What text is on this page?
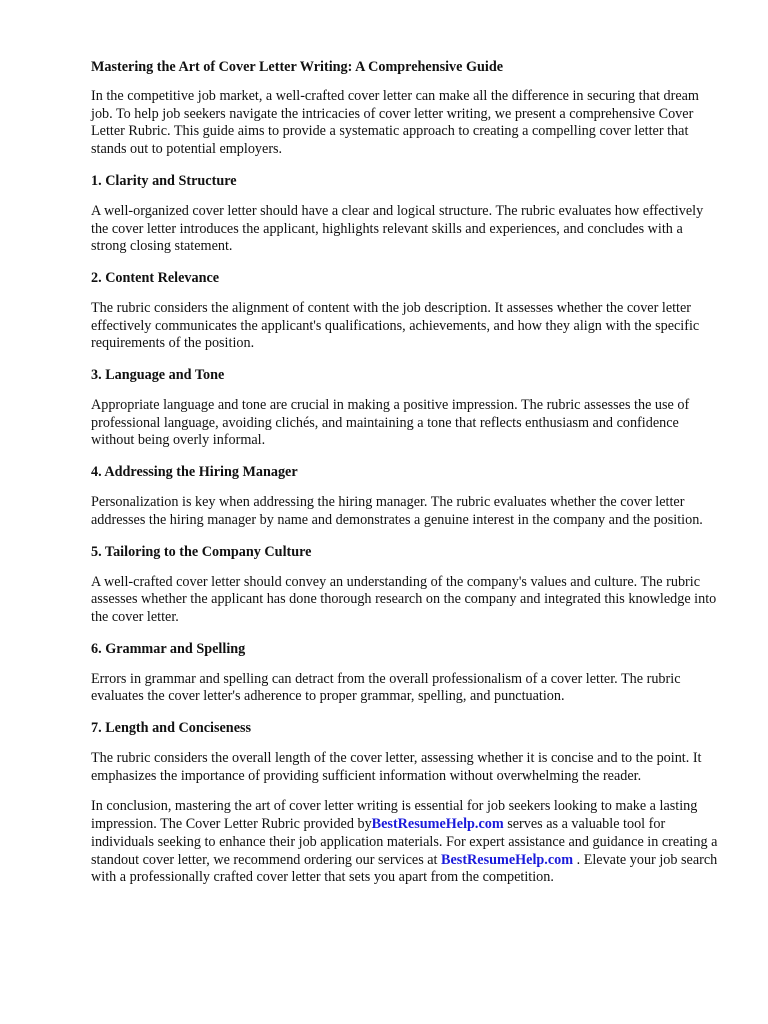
Mastering the Art of Cover Letter Writing: A Comprehensive Guide

In the competitive job market, a well-crafted cover letter can make all the difference in securing that dream job. To help job seekers navigate the intricacies of cover letter writing, we present a comprehensive Cover Letter Rubric. This guide aims to provide a systematic approach to creating a compelling cover letter that stands out to potential employers.

1. Clarity and Structure

A well-organized cover letter should have a clear and logical structure. The rubric evaluates how effectively the cover letter introduces the applicant, highlights relevant skills and experiences, and concludes with a strong closing statement.

2. Content Relevance

The rubric considers the alignment of content with the job description. It assesses whether the cover letter effectively communicates the applicant's qualifications, achievements, and how they align with the specific requirements of the position.

3. Language and Tone

Appropriate language and tone are crucial in making a positive impression. The rubric assesses the use of professional language, avoiding clichés, and maintaining a tone that reflects enthusiasm and confidence without being overly informal.

4. Addressing the Hiring Manager

Personalization is key when addressing the hiring manager. The rubric evaluates whether the cover letter addresses the hiring manager by name and demonstrates a genuine interest in the company and the position.

5. Tailoring to the Company Culture

A well-crafted cover letter should convey an understanding of the company's values and culture. The rubric assesses whether the applicant has done thorough research on the company and integrated this knowledge into the cover letter.

6. Grammar and Spelling

Errors in grammar and spelling can detract from the overall professionalism of a cover letter. The rubric evaluates the cover letter's adherence to proper grammar, spelling, and punctuation.

7. Length and Conciseness

The rubric considers the overall length of the cover letter, assessing whether it is concise and to the point. It emphasizes the importance of providing sufficient information without overwhelming the reader.

In conclusion, mastering the art of cover letter writing is essential for job seekers looking to make a lasting impression. The Cover Letter Rubric provided byBestResumeHelp.com serves as a valuable tool for individuals seeking to enhance their job application materials. For expert assistance and guidance in creating a standout cover letter, we recommend ordering our services at BestResumeHelp.com . Elevate your job search with a professionally crafted cover letter that sets you apart from the competition.
